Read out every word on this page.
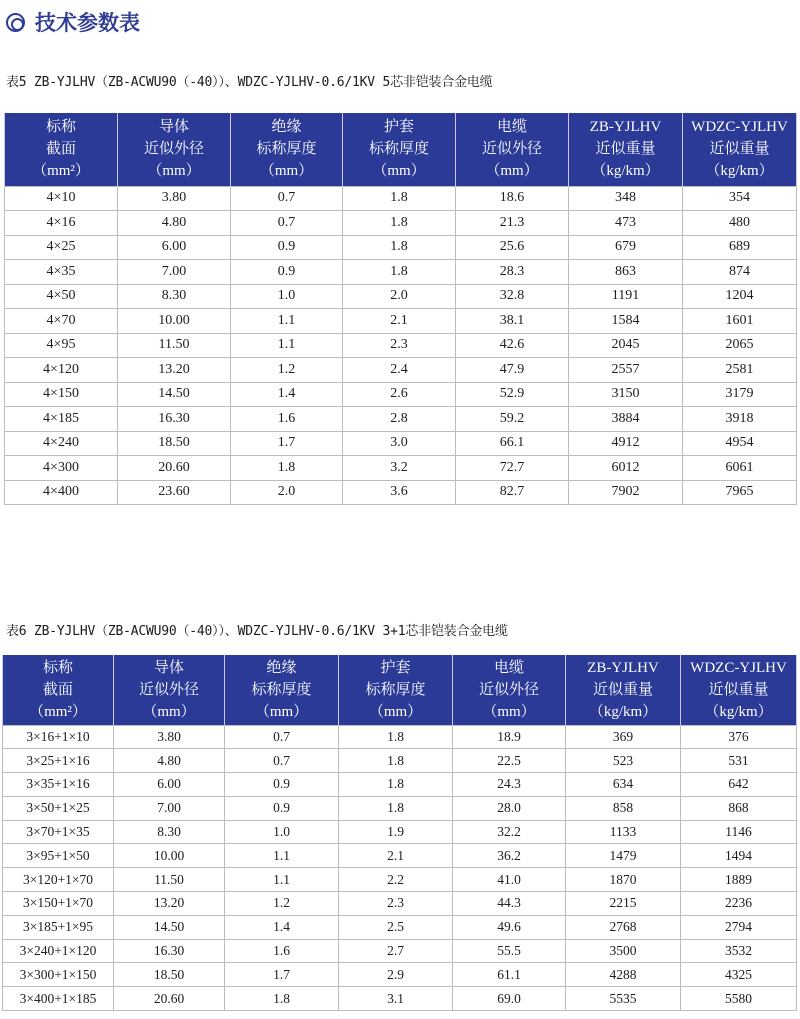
技术参数表
表5 ZB-YJLHV（ZB-ACWU90（-40））、WDZC-YJLHV-0.6/1KV 5芯非铠装合金电缆
标称
截面
（mm²）	导体
近似外径
（mm）	绝缘
标称厚度
（mm）	护套
标称厚度
（mm）	电缆
近似外径
（mm）	ZB-YJLHV
近似重量
（kg/km）	WDZC-YJLHV
近似重量
（kg/km）

4×10	3.80	0.7	1.8	18.6	348	354
4×16	4.80	0.7	1.8	21.3	473	480
4×25	6.00	0.9	1.8	25.6	679	689
4×35	7.00	0.9	1.8	28.3	863	874
4×50	8.30	1.0	2.0	32.8	1191	1204
4×70	10.00	1.1	2.1	38.1	1584	1601
4×95	11.50	1.1	2.3	42.6	2045	2065
4×120	13.20	1.2	2.4	47.9	2557	2581
4×150	14.50	1.4	2.6	52.9	3150	3179
4×185	16.30	1.6	2.8	59.2	3884	3918
4×240	18.50	1.7	3.0	66.1	4912	4954
4×300	20.60	1.8	3.2	72.7	6012	6061
4×400	23.60	2.0	3.6	82.7	7902	7965
表6 ZB-YJLHV（ZB-ACWU90（-40））、WDZC-YJLHV-0.6/1KV 3+1芯非铠装合金电缆
标称
截面
（mm²）	导体
近似外径
（mm）	绝缘
标称厚度
（mm）	护套
标称厚度
（mm）	电缆
近似外径
（mm）	ZB-YJLHV
近似重量
（kg/km）	WDZC-YJLHV
近似重量
（kg/km）

3×16+1×10	3.80	0.7	1.8	18.9	369	376
3×25+1×16	4.80	0.7	1.8	22.5	523	531
3×35+1×16	6.00	0.9	1.8	24.3	634	642
3×50+1×25	7.00	0.9	1.8	28.0	858	868
3×70+1×35	8.30	1.0	1.9	32.2	1133	1146
3×95+1×50	10.00	1.1	2.1	36.2	1479	1494
3×120+1×70	11.50	1.1	2.2	41.0	1870	1889
3×150+1×70	13.20	1.2	2.3	44.3	2215	2236
3×185+1×95	14.50	1.4	2.5	49.6	2768	2794
3×240+1×120	16.30	1.6	2.7	55.5	3500	3532
3×300+1×150	18.50	1.7	2.9	61.1	4288	4325
3×400+1×185	20.60	1.8	3.1	69.0	5535	5580
